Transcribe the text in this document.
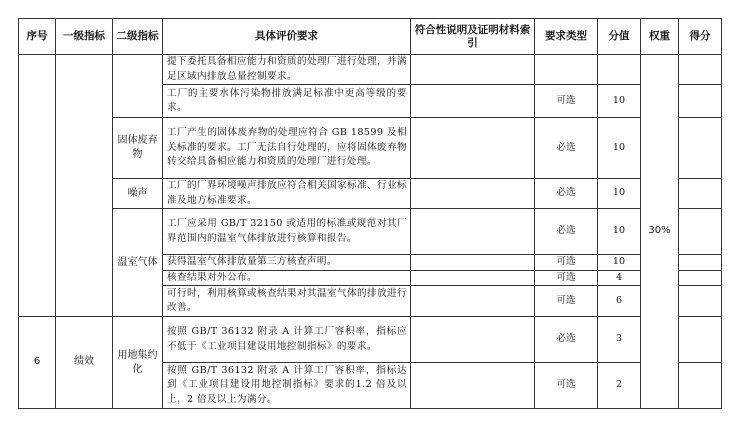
序号	一级指标	二级指标	具体评价要求	符合性说明及证明材料索引	要求类型	分值	权重	得分
			提下委托具备相应能力和资质的处理厂进行处理，并满足区域内排放总量控制要求。				30%	
			工厂的主要水体污染物排放满足标准中更高等级的要求。		可选	10		
		固体废弃物	工厂产生的固体废弃物的处理应符合 GB 18599 及相关标准的要求。工厂无法自行处理的，应将固体废弃物转交给具备相应能力和资质的处理厂进行处理。		必选	10		
		噪声	工厂的厂界环境噪声排放应符合相关国家标准、行业标准及地方标准要求。		必选	10		
		温室气体	工厂应采用 GB/T 32150 或适用的标准或规范对其厂界范围内的温室气体排放进行核算和报告。		必选	10		
			获得温室气体排放量第三方核查声明。		可选	10		
			核查结果对外公布。		可选	4		
			可行时，利用核算或核查结果对其温室气体的排放进行改善。		可选	6		
6	绩效	用地集约化	按照 GB/T 36132 附录 A 计算工厂容积率，指标应不低于《工业项目建设用地控制指标》的要求。		必选	3		
			按照 GB/T 36132 附录 A 计算工厂容积率，指标达到《工业项目建设用地控制指标》要求的1.2 倍及以上，2 倍及以上为满分。		可选	2		
